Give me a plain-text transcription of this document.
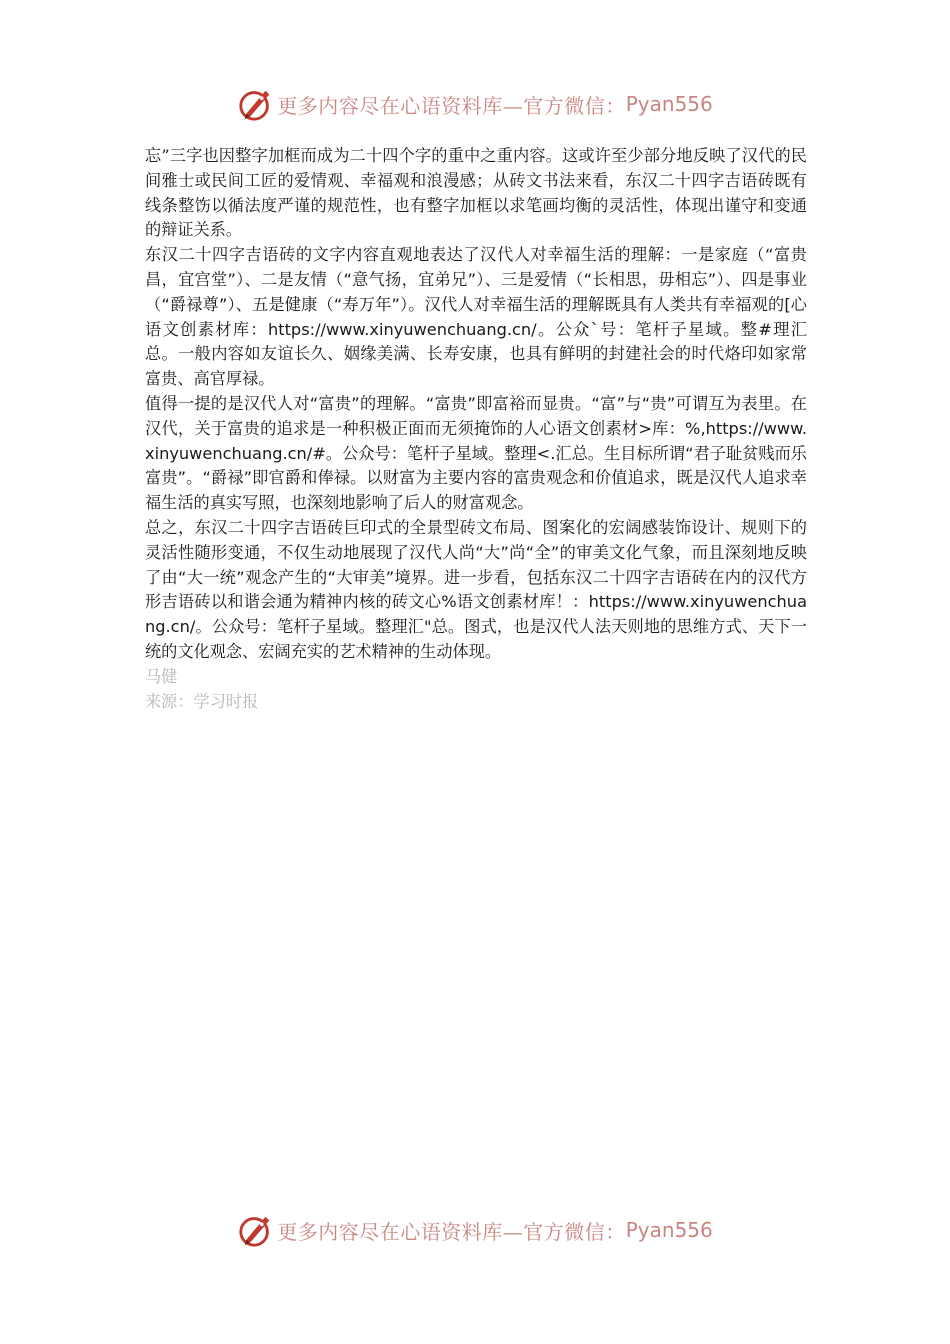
更多内容尽在心语资料库—官方微信： Pyan556

忘”三字也因整字加框而成为二十四个字的重中之重内容。这或许至少部分地反映了汉代的民间雅士或民间工匠的爱情观、幸福观和浪漫感；从砖文书法来看，东汉二十四字吉语砖既有线条整饬以循法度严谨的规范性，也有整字加框以求笔画均衡的灵活性，体现出谨守和变通的辩证关系。

东汉二十四字吉语砖的文字内容直观地表达了汉代人对幸福生活的理解：一是家庭（“富贵昌，宜宫堂”）、二是友情（“意气扬，宜弟兄”）、三是爱情（“长相思，毋相忘”）、四是事业（“爵禄尊”）、五是健康（“寿万年”）。汉代人对幸福生活的理解既具有人类共有幸福观的[心语文创素材库：https://www.xinyuwenchuang.cn/。公众`号：笔杆子星域。整#理汇总。一般内容如友谊长久、姻缘美满、长寿安康，也具有鲜明的封建社会的时代烙印如家常富贵、高官厚禄。

值得一提的是汉代人对“富贵”的理解。“富贵”即富裕而显贵。“富”与“贵”可谓互为表里。在汉代，关于富贵的追求是一种积极正面而无须掩饰的人心语文创素材>库：%,https://www.xinyuwenchuang.cn/#。公众号：笔杆子星域。整理<.汇总。生目标所谓“君子耻贫贱而乐富贵”。“爵禄”即官爵和俸禄。以财富为主要内容的富贵观念和价值追求，既是汉代人追求幸福生活的真实写照，也深刻地影响了后人的财富观念。

总之，东汉二十四字吉语砖巨印式的全景型砖文布局、图案化的宏阔感装饰设计、规则下的灵活性随形变通，不仅生动地展现了汉代人尚“大”尚“全”的审美文化气象，而且深刻地反映了由“大一统”观念产生的“大审美”境界。进一步看，包括东汉二十四字吉语砖在内的汉代方形吉语砖以和谐会通为精神内核的砖文心%语文创素材库！：https://www.xinyuwenchuang.cn/。公众号：笔杆子星域。整理汇"总。图式，也是汉代人法天则地的思维方式、天下一统的文化观念、宏阔充实的艺术精神的生动体现。

马健

来源：学习时报

更多内容尽在心语资料库—官方微信： Pyan556
